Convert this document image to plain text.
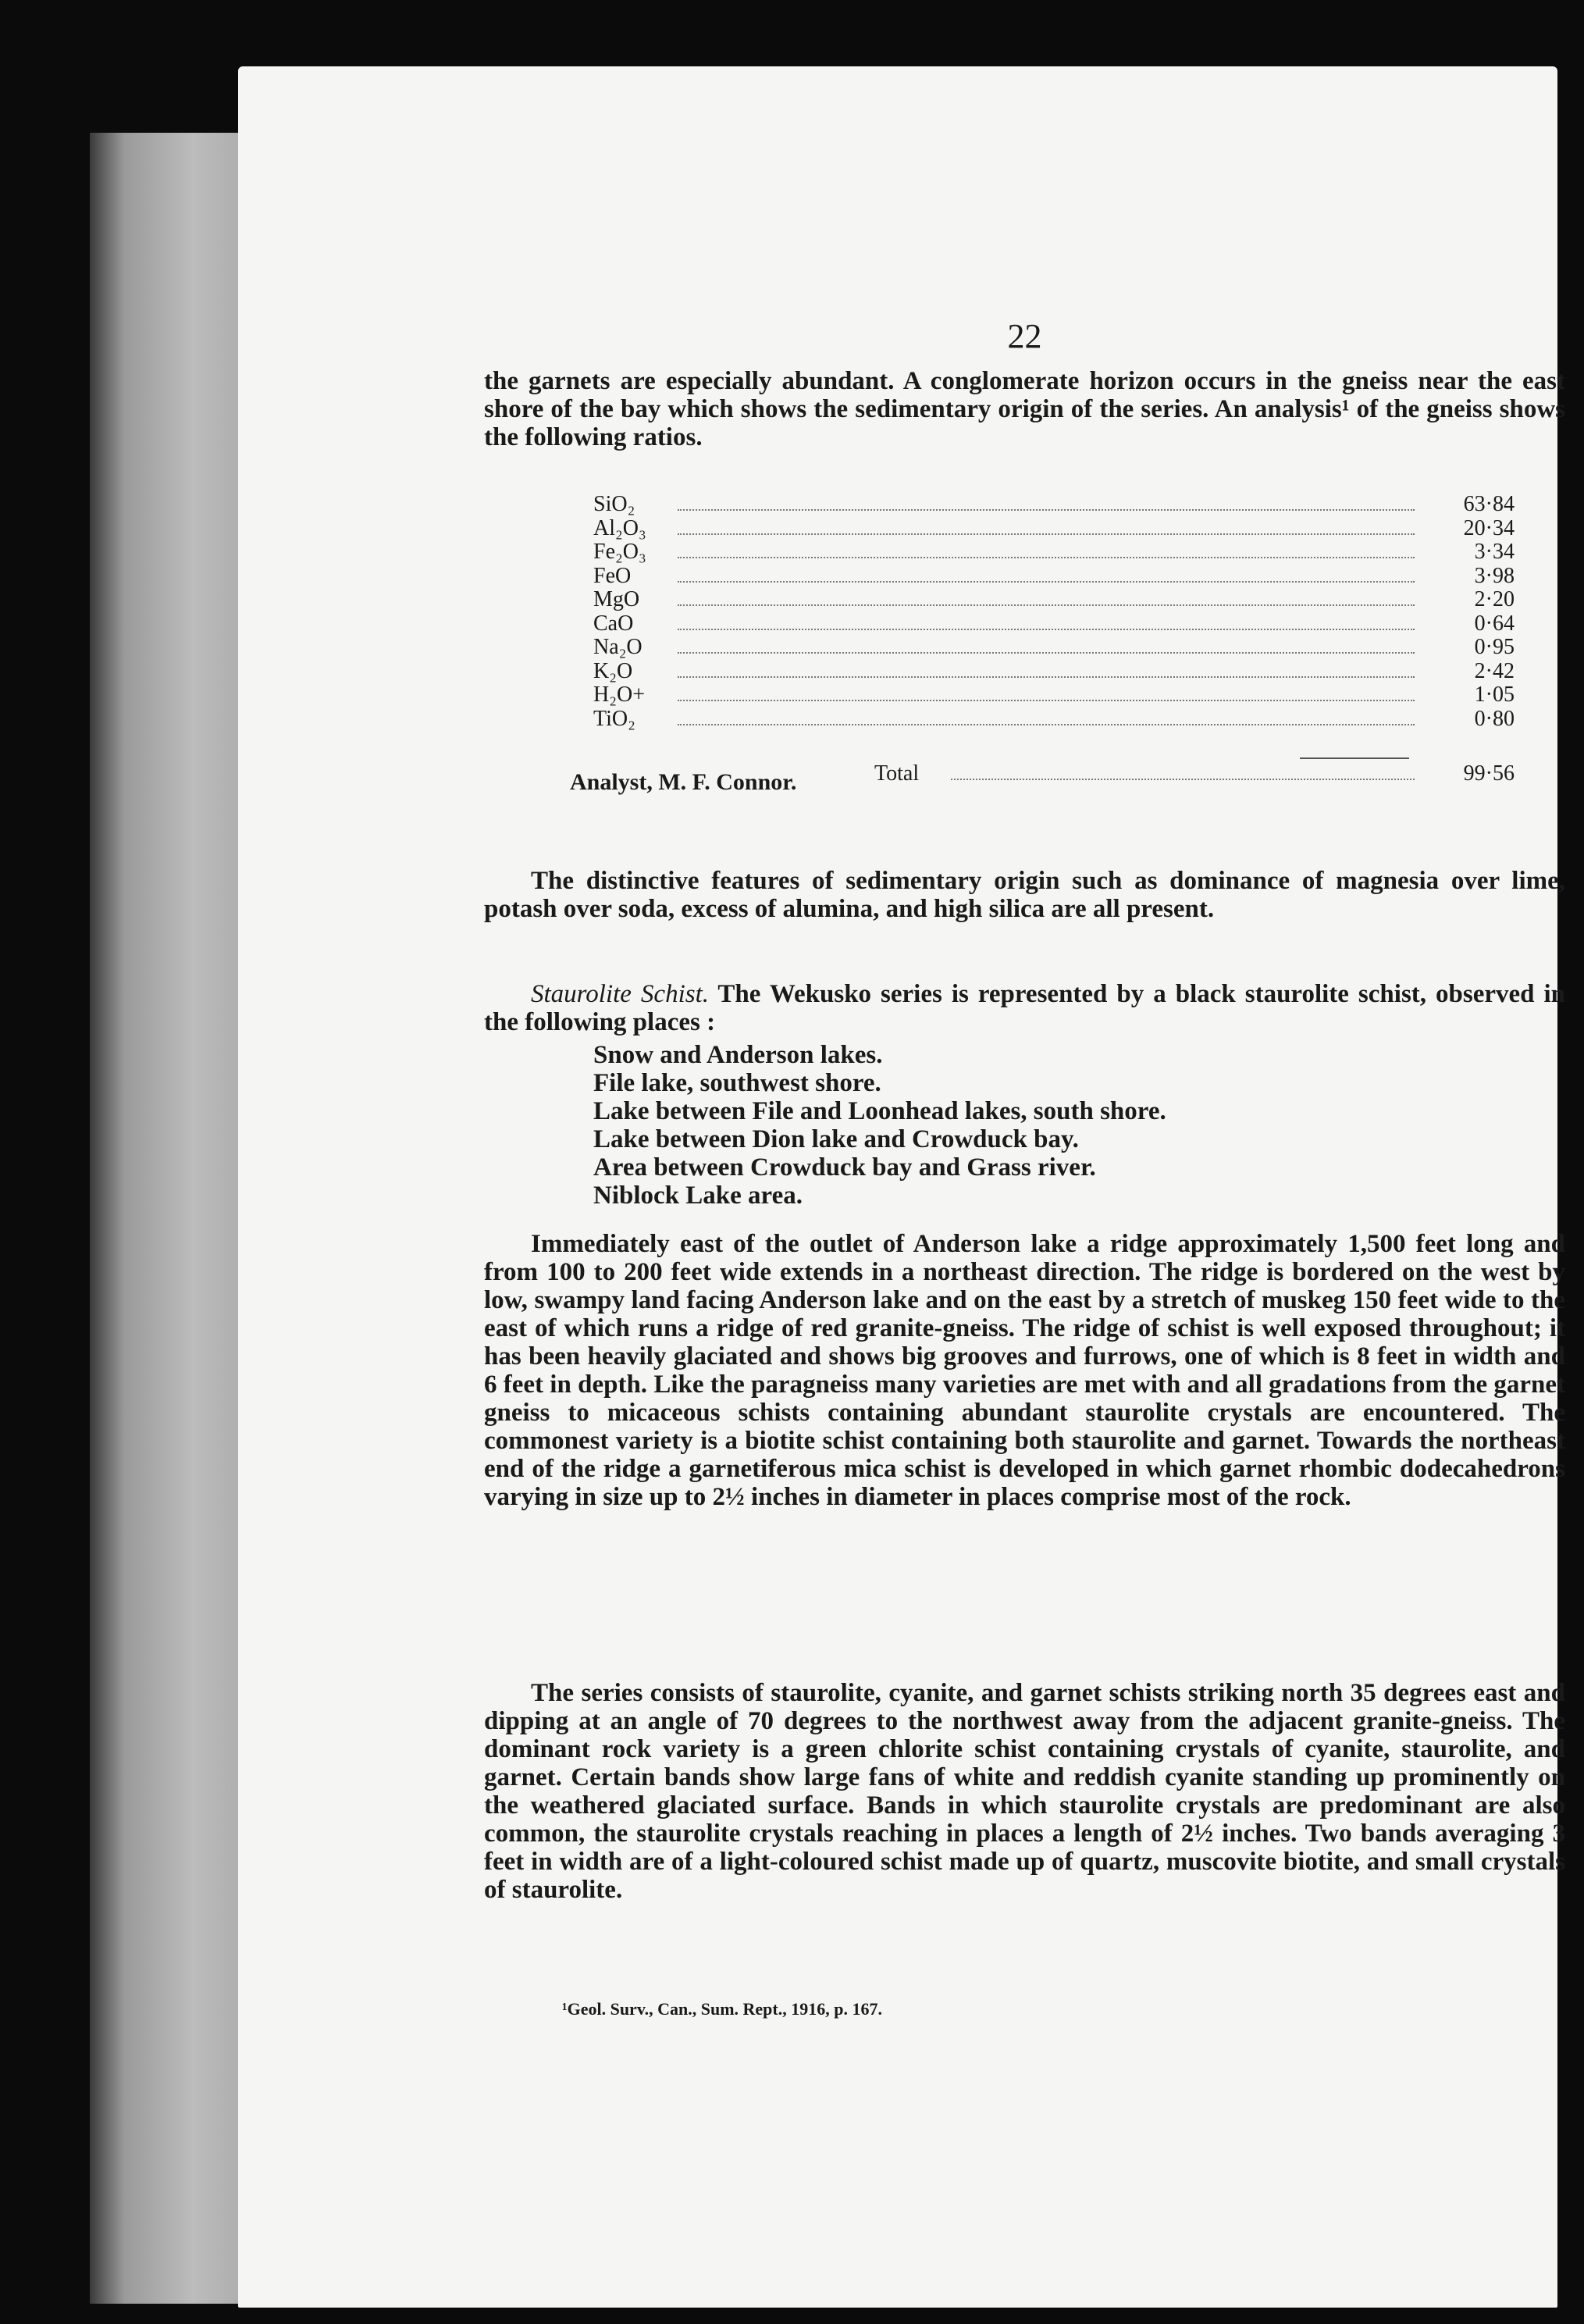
22

the garnets are especially abundant. A conglomerate horizon occurs in the gneiss near the east shore of the bay which shows the sedimentary origin of the series. An analysis¹ of the gneiss shows the following ratios.

SiO₂	63·84
Al₂O₃	20·34
Fe₂O₃	3·34
FeO	3·98
MgO	2·20
CaO	0·64
Na₂O	0·95
K₂O	2·42
H₂O+	1·05
TiO₂	0·80
Total	99·56
Analyst, M. F. Connor.

The distinctive features of sedimentary origin such as dominance of magnesia over lime, potash over soda, excess of alumina, and high silica are all present.

Staurolite Schist. The Wekusko series is represented by a black staurolite schist, observed in the following places :

Snow and Anderson lakes.
File lake, southwest shore.
Lake between File and Loonhead lakes, south shore.
Lake between Dion lake and Crowduck bay.
Area between Crowduck bay and Grass river.
Niblock Lake area.

Immediately east of the outlet of Anderson lake a ridge approximately 1,500 feet long and from 100 to 200 feet wide extends in a northeast direction. The ridge is bordered on the west by low, swampy land facing Anderson lake and on the east by a stretch of muskeg 150 feet wide to the east of which runs a ridge of red granite-gneiss. The ridge of schist is well exposed throughout; it has been heavily glaciated and shows big grooves and furrows, one of which is 8 feet in width and 6 feet in depth. Like the paragneiss many varieties are met with and all gradations from the garnet gneiss to micaceous schists containing abundant staurolite crystals are encountered. The commonest variety is a biotite schist containing both staurolite and garnet. Towards the northeast end of the ridge a garnetiferous mica schist is developed in which garnet rhombic dodecahedrons varying in size up to 2½ inches in diameter in places comprise most of the rock.

The series consists of staurolite, cyanite, and garnet schists striking north 35 degrees east and dipping at an angle of 70 degrees to the northwest away from the adjacent granite-gneiss. The dominant rock variety is a green chlorite schist containing crystals of cyanite, staurolite, and garnet. Certain bands show large fans of white and reddish cyanite standing up prominently on the weathered glaciated surface. Bands in which staurolite crystals are predominant are also common, the staurolite crystals reaching in places a length of 2½ inches. Two bands averaging 3 feet in width are of a light-coloured schist made up of quartz, muscovite biotite, and small crystals of staurolite.

¹Geol. Surv., Can., Sum. Rept., 1916, p. 167.
